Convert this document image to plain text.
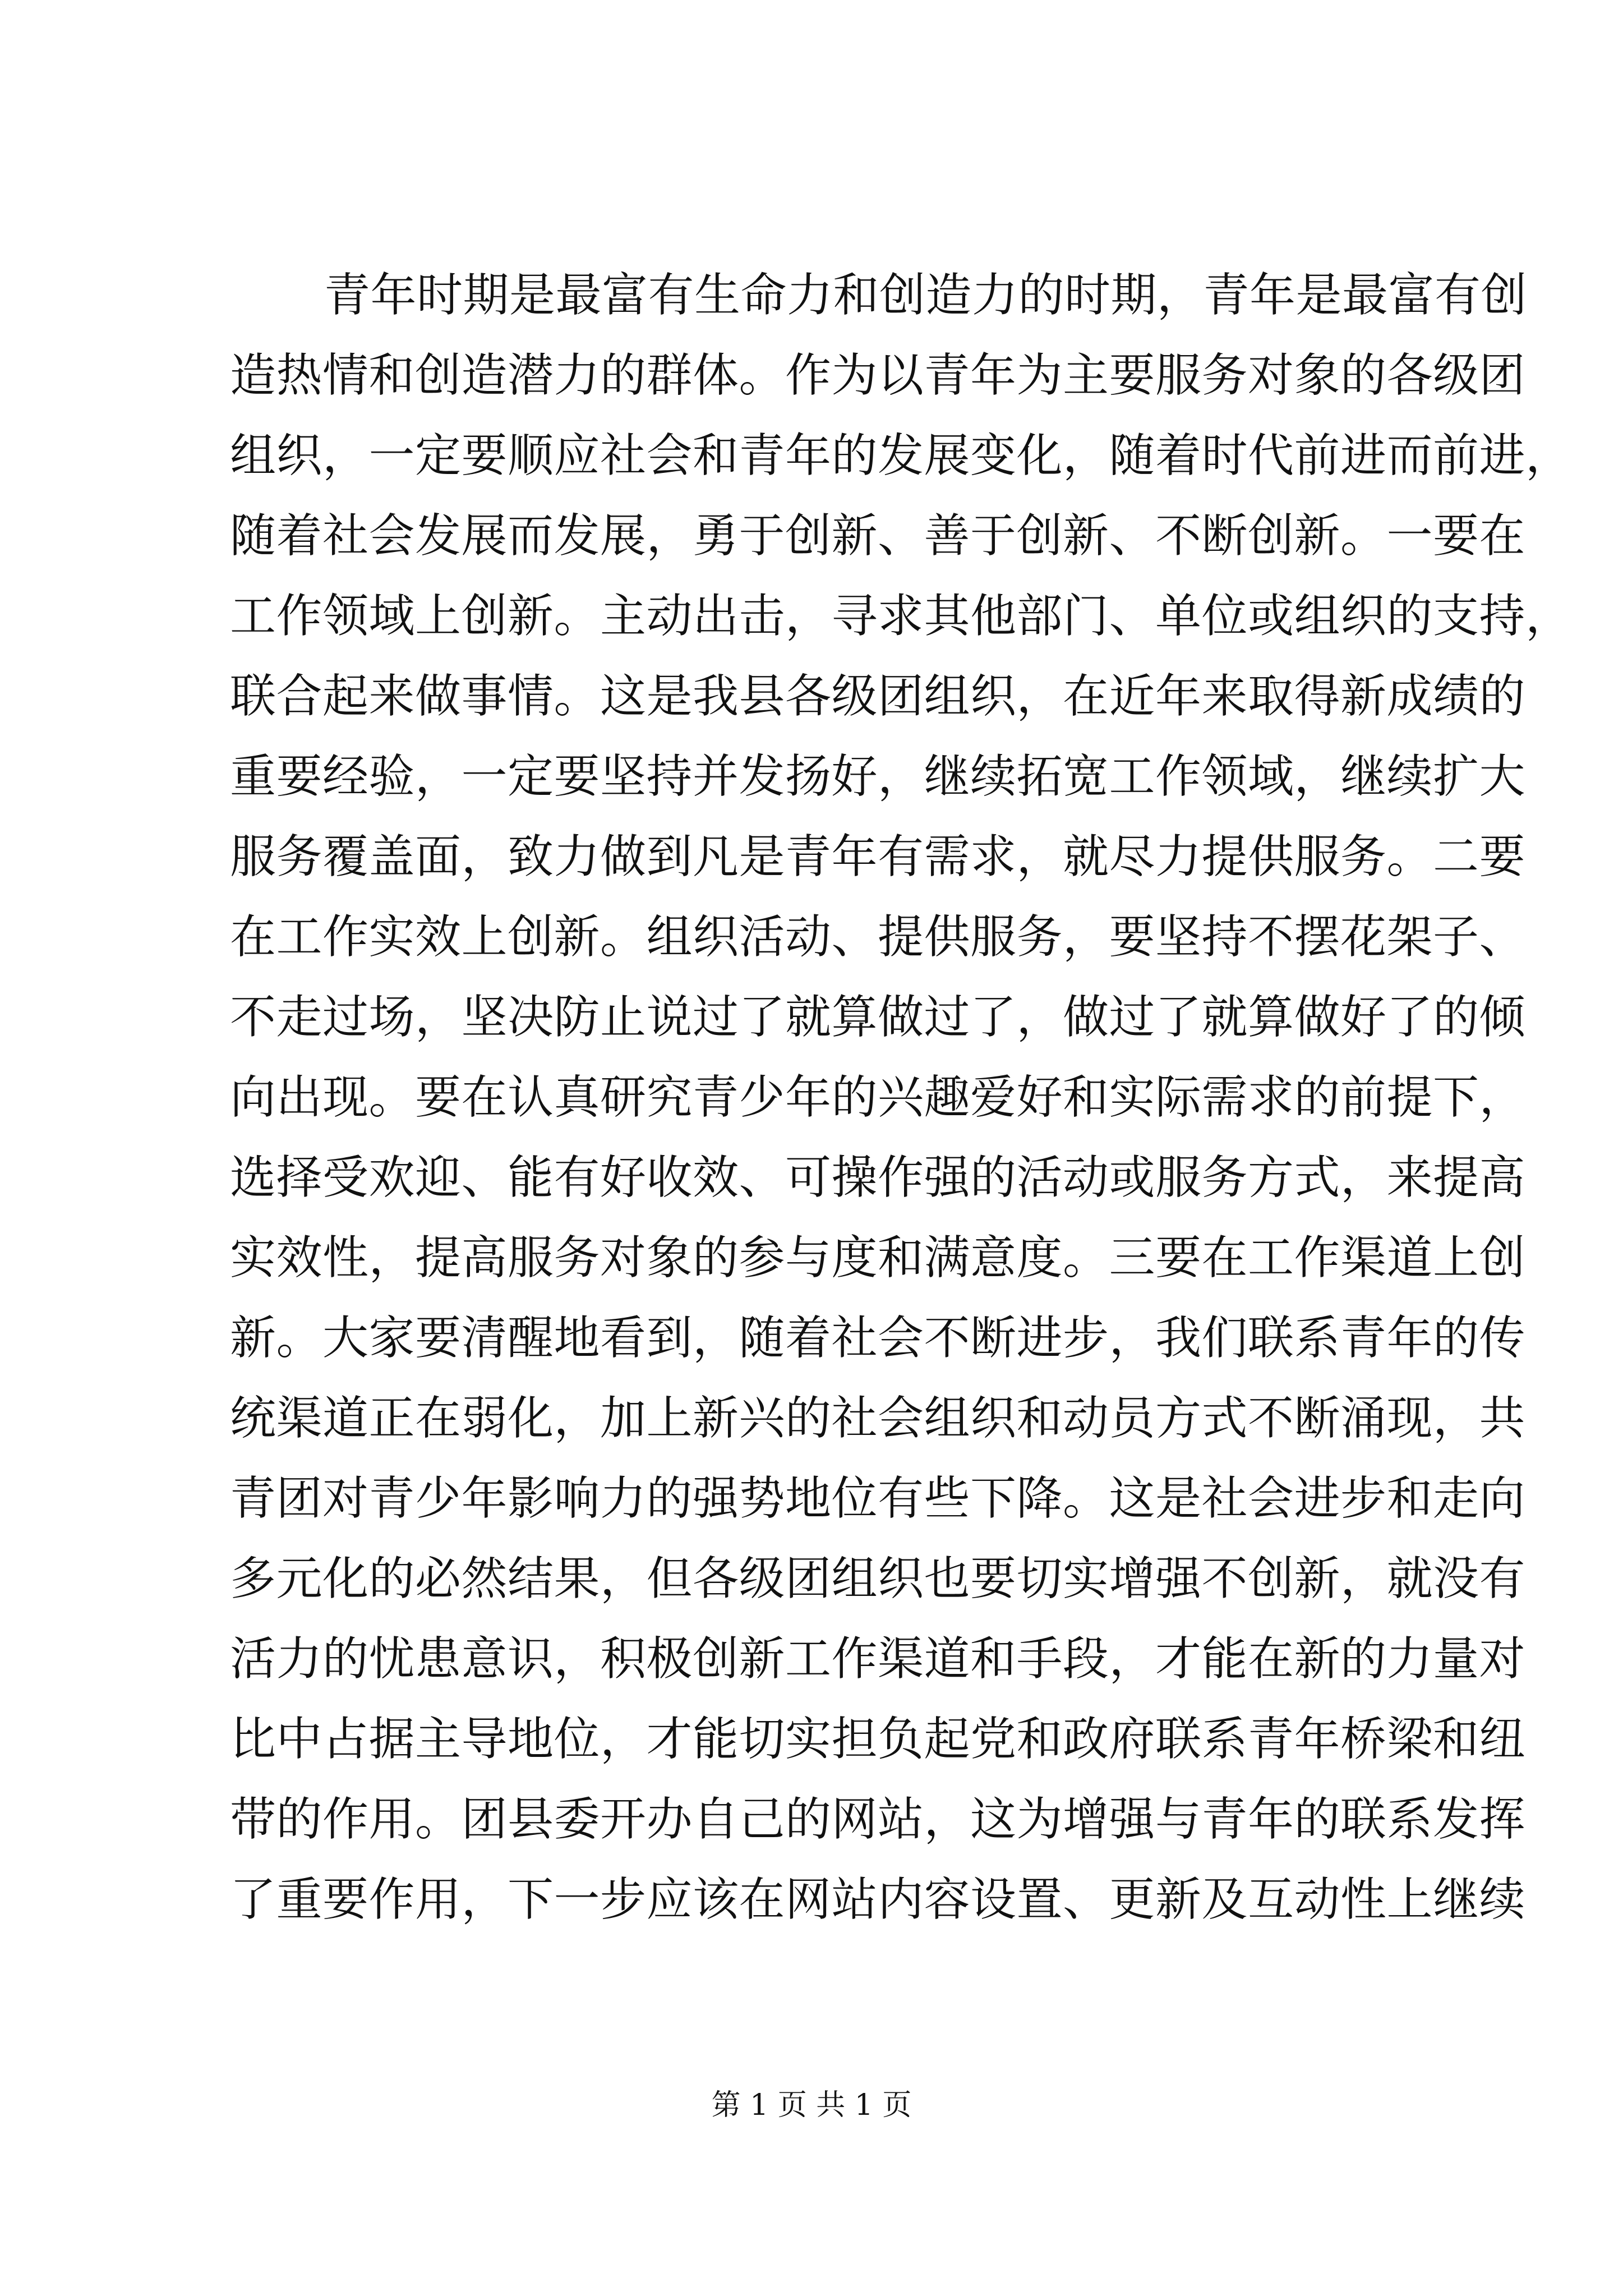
青年时期是最富有生命力和创造力的时期，青年是最富有创
造热情和创造潜力的群体。作为以青年为主要服务对象的各级团
组织，一定要顺应社会和青年的发展变化，随着时代前进而前进，
随着社会发展而发展，勇于创新、善于创新、不断创新。一要在
工作领域上创新。主动出击，寻求其他部门、单位或组织的支持，
联合起来做事情。这是我县各级团组织，在近年来取得新成绩的
重要经验，一定要坚持并发扬好，继续拓宽工作领域，继续扩大
服务覆盖面，致力做到凡是青年有需求，就尽力提供服务。二要
在工作实效上创新。组织活动、提供服务，要坚持不摆花架子、
不走过场，坚决防止说过了就算做过了，做过了就算做好了的倾
向出现。要在认真研究青少年的兴趣爱好和实际需求的前提下，
选择受欢迎、能有好收效、可操作强的活动或服务方式，来提高
实效性，提高服务对象的参与度和满意度。三要在工作渠道上创
新。大家要清醒地看到，随着社会不断进步，我们联系青年的传
统渠道正在弱化，加上新兴的社会组织和动员方式不断涌现，共
青团对青少年影响力的强势地位有些下降。这是社会进步和走向
多元化的必然结果，但各级团组织也要切实增强不创新，就没有
活力的忧患意识，积极创新工作渠道和手段，才能在新的力量对
比中占据主导地位，才能切实担负起党和政府联系青年桥梁和纽
带的作用。团县委开办自己的网站，这为增强与青年的联系发挥
了重要作用，下一步应该在网站内容设置、更新及互动性上继续
第 1 页 共 1 页
